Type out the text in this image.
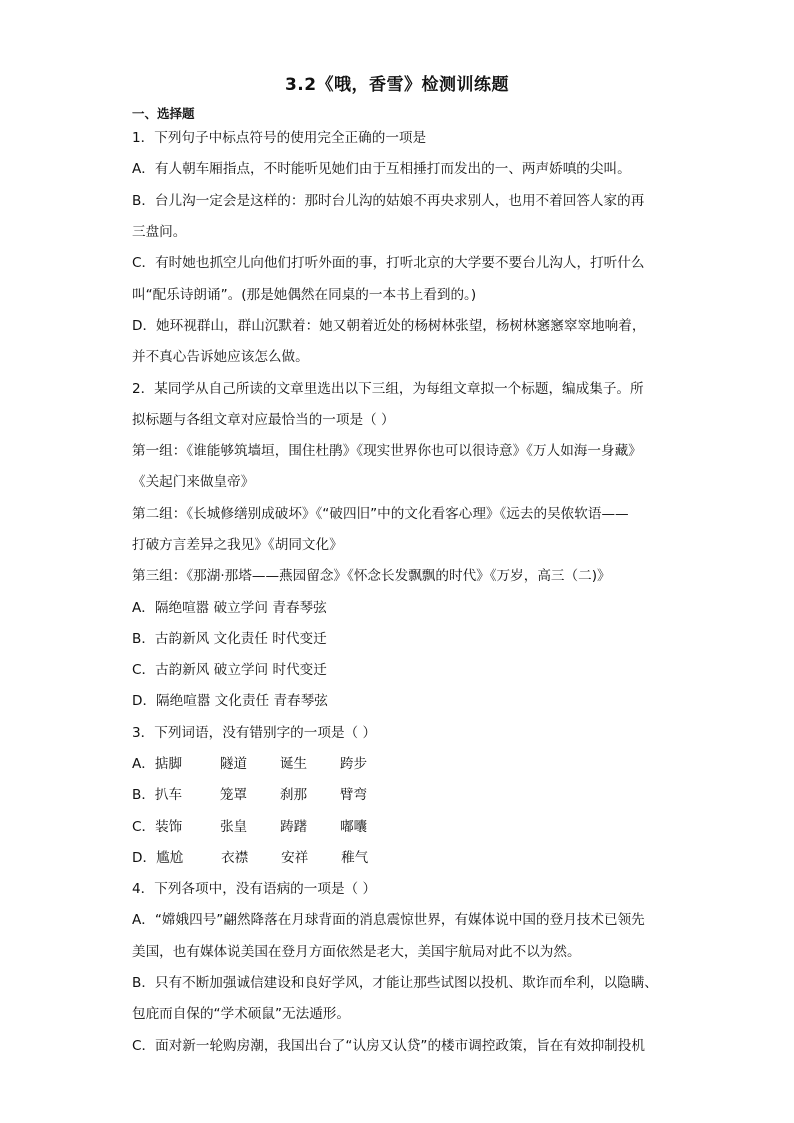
3.2《哦，香雪》检测训练题
一、选择题
1．下列句子中标点符号的使用完全正确的一项是
A．有人朝车厢指点，不时能听见她们由于互相捶打而发出的一、两声娇嗔的尖叫。
B．台儿沟一定会是这样的：那时台儿沟的姑娘不再央求别人，也用不着回答人家的再
三盘问。
C．有时她也抓空儿向他们打听外面的事，打听北京的大学要不要台儿沟人，打听什么
叫“配乐诗朗诵”。(那是她偶然在同桌的一本书上看到的。)
D．她环视群山，群山沉默着：她又朝着近处的杨树林张望，杨树林窸窸窣窣地响着，
并不真心告诉她应该怎么做。
2．某同学从自己所读的文章里选出以下三组，为每组文章拟一个标题，编成集子。所
拟标题与各组文章对应最恰当的一项是（ ）
第一组：《谁能够筑墙垣，围住杜鹃》《现实世界你也可以很诗意》《万人如海一身藏》
《关起门来做皇帝》
第二组：《长城修缮别成破坏》《“破四旧”中的文化看客心理》《远去的吴侬软语——
打破方言差异之我见》《胡同文化》
第三组：《那湖·那塔——燕园留念》《怀念长发飘飘的时代》《万岁，高三（二)》
A．隔绝喧嚣 破立学问 青春琴弦
B．古韵新风 文化责任 时代变迁
C．古韵新风 破立学问 时代变迁
D．隔绝喧嚣 文化责任 青春琴弦
3．下列词语，没有错别字的一项是（ ）
A．掂脚	隧道 诞生 跨步
B．扒车	笼罩 刹那 臂弯
C．装饰	张皇 踌躇 嘟囔
D．尴尬	衣襟 安祥 稚气
4．下列各项中，没有语病的一项是（ ）
A．“嫦娥四号”翩然降落在月球背面的消息震惊世界，有媒体说中国的登月技术已领先
美国，也有媒体说美国在登月方面依然是老大，美国宇航局对此不以为然。
B．只有不断加强诚信建设和良好学风，才能让那些试图以投机、欺诈而牟利，以隐瞒、
包庇而自保的“学术硕鼠”无法遁形。
C．面对新一轮购房潮，我国出台了“认房又认贷”的楼市调控政策，旨在有效抑制投机
